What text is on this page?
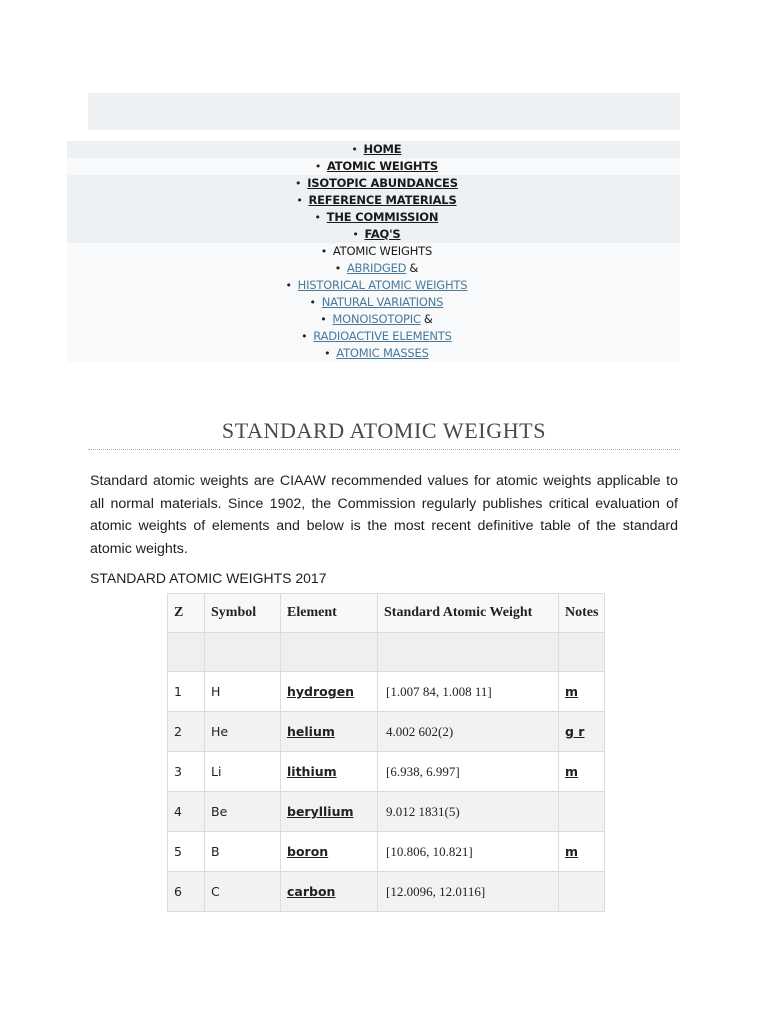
• HOME
• ATOMIC WEIGHTS
• ISOTOPIC ABUNDANCES
• REFERENCE MATERIALS
• THE COMMISSION
• FAQ'S
• ATOMIC WEIGHTS
• ABRIDGED &
• HISTORICAL ATOMIC WEIGHTS
• NATURAL VARIATIONS
• MONOISOTOPIC &
• RADIOACTIVE ELEMENTS
• ATOMIC MASSES
STANDARD ATOMIC WEIGHTS

Standard atomic weights are CIAAW recommended values for atomic weights applicable to all normal materials. Since 1902, the Commission regularly publishes critical evaluation of atomic weights of elements and below is the most recent definitive table of the standard atomic weights.

STANDARD ATOMIC WEIGHTS 2017
Z	Symbol	Element	Standard Atomic Weight	Notes

1	H	hydrogen	[1.007 84, 1.008 11]	m
2	He	helium	4.002 602(2)	g r
3	Li	lithium	[6.938, 6.997]	m
4	Be	beryllium	9.012 1831(5)	
5	B	boron	[10.806, 10.821]	m
6	C	carbon	[12.0096, 12.0116]	
